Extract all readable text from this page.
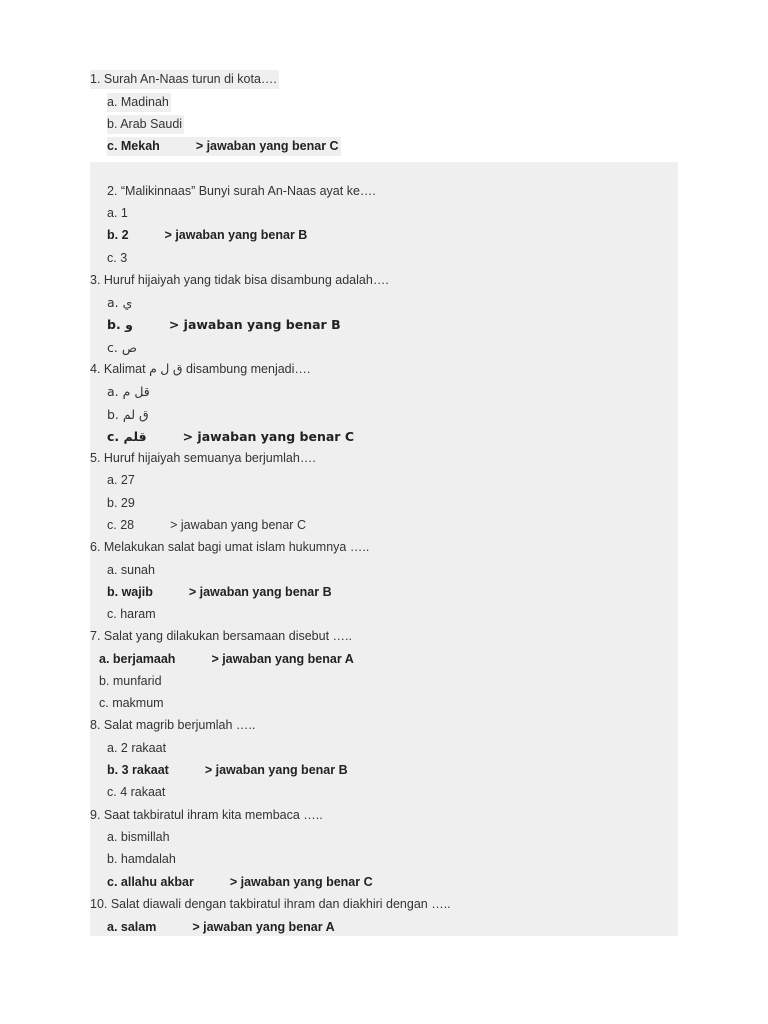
1. Surah An-Naas turun di kota….
a. Madinah
b. Arab Saudi
c. Mekah	> jawaban yang benar C
2. “Malikinnaas” Bunyi surah An-Naas ayat ke….
a. 1
b. 2	> jawaban yang benar B
c. 3
3. Huruf hijaiyah yang tidak bisa disambung adalah….
a. ي
b. و	> jawaban yang benar B
c. ص
4. Kalimat ق ل م disambung menjadi….
a. قل م
b. ق لم
c. قلم	> jawaban yang benar C
5. Huruf hijaiyah semuanya berjumlah….
a. 27
b. 29
c. 28	> jawaban yang benar C
6. Melakukan salat bagi umat islam hukumnya …..
a. sunah
b. wajib	> jawaban yang benar B
c. haram
7. Salat yang dilakukan bersamaan disebut …..
a. berjamaah	> jawaban yang benar A
b. munfarid
c. makmum
8. Salat magrib berjumlah …..
a. 2 rakaat
b. 3 rakaat	> jawaban yang benar B
c. 4 rakaat
9. Saat takbiratul ihram kita membaca …..
a. bismillah
b. hamdalah
c. allahu akbar	> jawaban yang benar C
10. Salat diawali dengan takbiratul ihram dan diakhiri dengan …..
a. salam	> jawaban yang benar A
